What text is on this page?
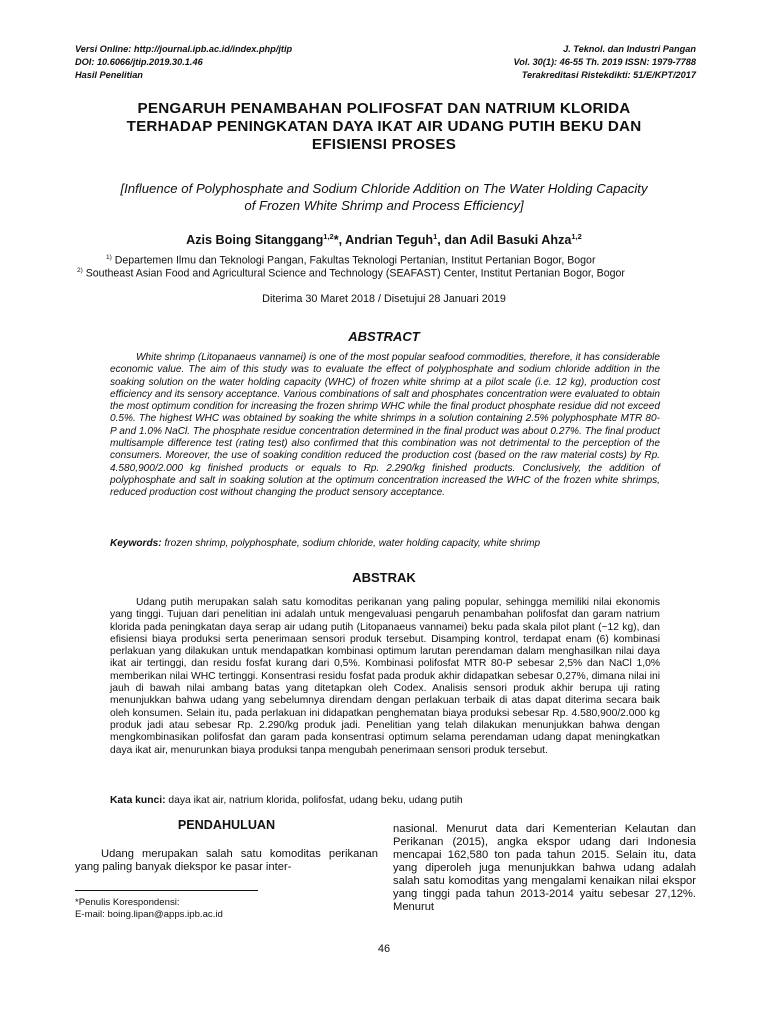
Versi Online: http://journal.ipb.ac.id/index.php/jtip
DOI: 10.6066/jtip.2019.30.1.46
Hasil Penelitian
J. Teknol. dan Industri Pangan
Vol. 30(1): 46-55 Th. 2019 ISSN: 1979-7788
Terakreditasi Ristekdikti: 51/E/KPT/2017
PENGARUH PENAMBAHAN POLIFOSFAT DAN NATRIUM KLORIDA
TERHADAP PENINGKATAN DAYA IKAT AIR UDANG PUTIH BEKU DAN
EFISIENSI PROSES
[Influence of Polyphosphate and Sodium Chloride Addition on The Water Holding Capacity
of Frozen White Shrimp and Process Efficiency]
Azis Boing Sitanggang$^{1,2}$*, Andrian Teguh$^1$, dan Adil Basuki Ahza$^{1,2}$
$^{1)}$ Departemen Ilmu dan Teknologi Pangan, Fakultas Teknologi Pertanian, Institut Pertanian Bogor, Bogor
$^{2)}$ Southeast Asian Food and Agricultural Science and Technology (SEAFAST) Center, Institut Pertanian Bogor, Bogor
Diterima 30 Maret 2018 / Disetujui 28 Januari 2019
ABSTRACT
White shrimp (Litopanaeus vannamei) is one of the most popular seafood commodities, therefore, it has considerable economic value. The aim of this study was to evaluate the effect of polyphosphate and sodium chloride addition in the soaking solution on the water holding capacity (WHC) of frozen white shrimp at a pilot scale (i.e. 12 kg), production cost efficiency and its sensory acceptance. Various combinations of salt and phosphates concentration were evaluated to obtain the most optimum condition for increasing the frozen shrimp WHC while the final product phosphate residue did not exceed 0.5%. The highest WHC was obtained by soaking the white shrimps in a solution containing 2.5% polyphosphate MTR 80-P and 1.0% NaCl. The phosphate residue concentration determined in the final product was about 0.27%. The final product multisample difference test (rating test) also confirmed that this combination was not detrimental to the perception of the consumers. Moreover, the use of soaking condition reduced the production cost (based on the raw material costs) by Rp. 4.580,900/2.000 kg finished products or equals to Rp. 2.290/kg finished products. Conclusively, the addition of polyphosphate and salt in soaking solution at the optimum concentration increased the WHC of the frozen white shrimps, reduced production cost without changing the product sensory acceptance.
Keywords: frozen shrimp, polyphosphate, sodium chloride, water holding capacity, white shrimp
ABSTRAK
Udang putih merupakan salah satu komoditas perikanan yang paling popular, sehingga memiliki nilai ekonomis yang tinggi. Tujuan dari penelitian ini adalah untuk mengevaluasi pengaruh penambahan polifosfat dan garam natrium klorida pada peningkatan daya serap air udang putih (Litopanaeus vannamei) beku pada skala pilot plant (~12 kg), dan efisiensi biaya produksi serta penerimaan sensori produk tersebut. Disamping kontrol, terdapat enam (6) kombinasi perlakuan yang dilakukan untuk mendapatkan kombinasi optimum larutan perendaman dalam menghasilkan nilai daya ikat air tertinggi, dan residu fosfat kurang dari 0,5%. Kombinasi polifosfat MTR 80-P sebesar 2,5% dan NaCl 1,0% memberikan nilai WHC tertinggi. Konsentrasi residu fosfat pada produk akhir didapatkan sebesar 0,27%, dimana nilai ini jauh di bawah nilai ambang batas yang ditetapkan oleh Codex. Analisis sensori produk akhir berupa uji rating menunjukkan bahwa udang yang sebelumnya direndam dengan perlakuan terbaik di atas dapat diterima secara baik oleh konsumen. Selain itu, pada perlakuan ini didapatkan penghematan biaya produksi sebesar Rp. 4.580,900/2.000 kg produk jadi atau sebesar Rp. 2.290/kg produk jadi. Penelitian yang telah dilakukan menunjukkan bahwa dengan mengkombinasikan polifosfat dan garam pada konsentrasi optimum selama perendaman udang dapat meningkatkan daya ikat air, menurunkan biaya produksi tanpa mengubah penerimaan sensori produk tersebut.
Kata kunci: daya ikat air, natrium klorida, polifosfat, udang beku, udang putih
PENDAHULUAN
Udang merupakan salah satu komoditas perikanan yang paling banyak diekspor ke pasar inter-
nasional. Menurut data dari Kementerian Kelautan dan Perikanan (2015), angka ekspor udang dari Indonesia mencapai 162,580 ton pada tahun 2015. Selain itu, data yang diperoleh juga menunjukkan bahwa udang adalah salah satu komoditas yang mengalami kenaikan nilai ekspor yang tinggi pada tahun 2013-2014 yaitu sebesar 27,12%. Menurut
*Penulis Korespondensi:
E-mail: boing.lipan@apps.ipb.ac.id
46
